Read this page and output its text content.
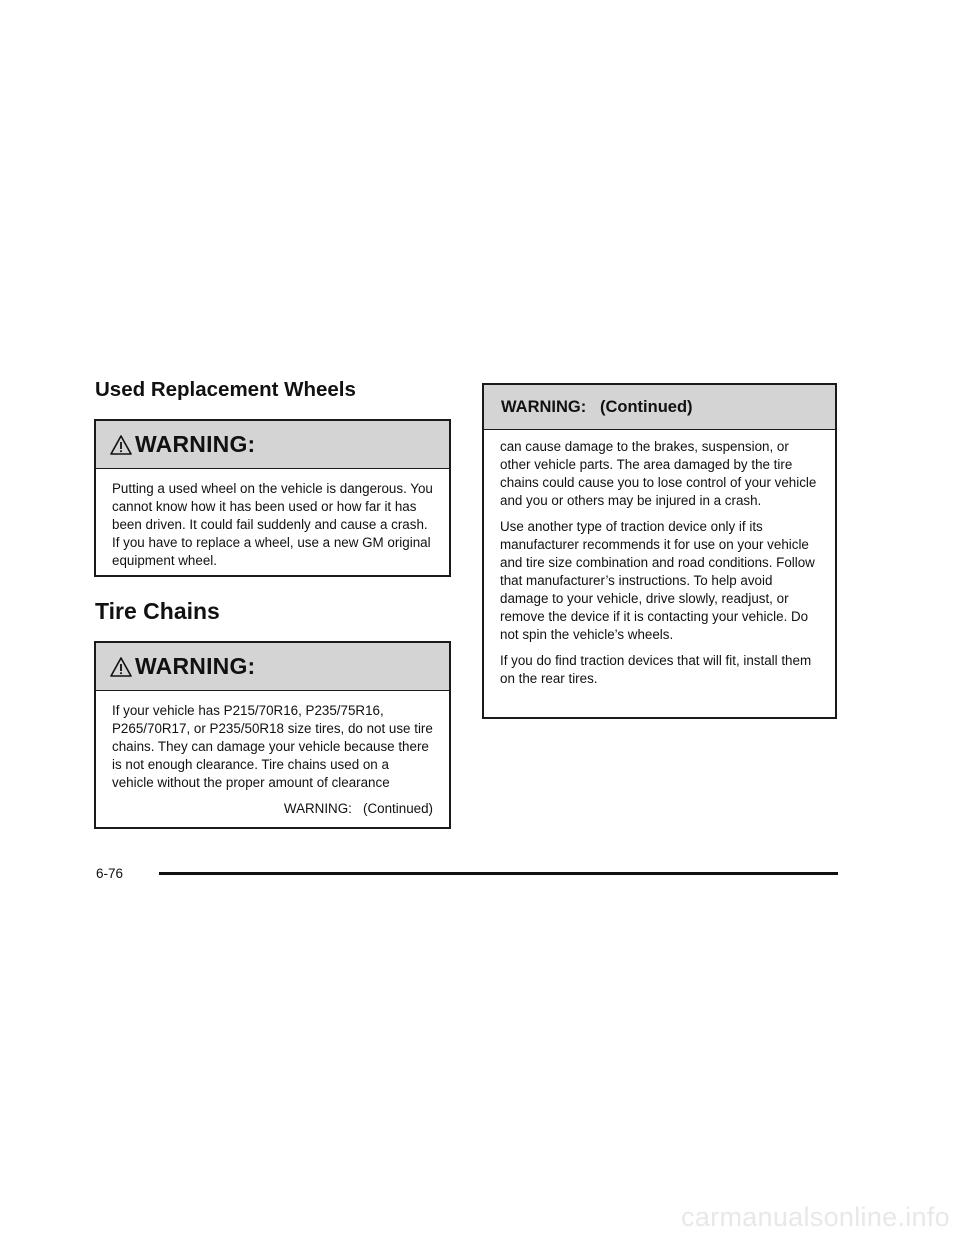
Used Replacement Wheels
WARNING:

Putting a used wheel on the vehicle is dangerous. You cannot know how it has been used or how far it has been driven. It could fail suddenly and cause a crash. If you have to replace a wheel, use a new GM original equipment wheel.

Tire Chains
WARNING:

If your vehicle has P215/70R16, P235/75R16, P265/70R17, or P235/50R18 size tires, do not use tire chains. They can damage your vehicle because there is not enough clearance. Tire chains used on a vehicle without the proper amount of clearance

WARNING:   (Continued)
WARNING:   (Continued)

can cause damage to the brakes, suspension, or other vehicle parts. The area damaged by the tire chains could cause you to lose control of your vehicle and you or others may be injured in a crash.

Use another type of traction device only if its manufacturer recommends it for use on your vehicle and tire size combination and road conditions. Follow that manufacturer’s instructions. To help avoid damage to your vehicle, drive slowly, readjust, or remove the device if it is contacting your vehicle. Do not spin the vehicle’s wheels.

If you do find traction devices that will fit, install them on the rear tires.

6-76
carmanualsonline.info
